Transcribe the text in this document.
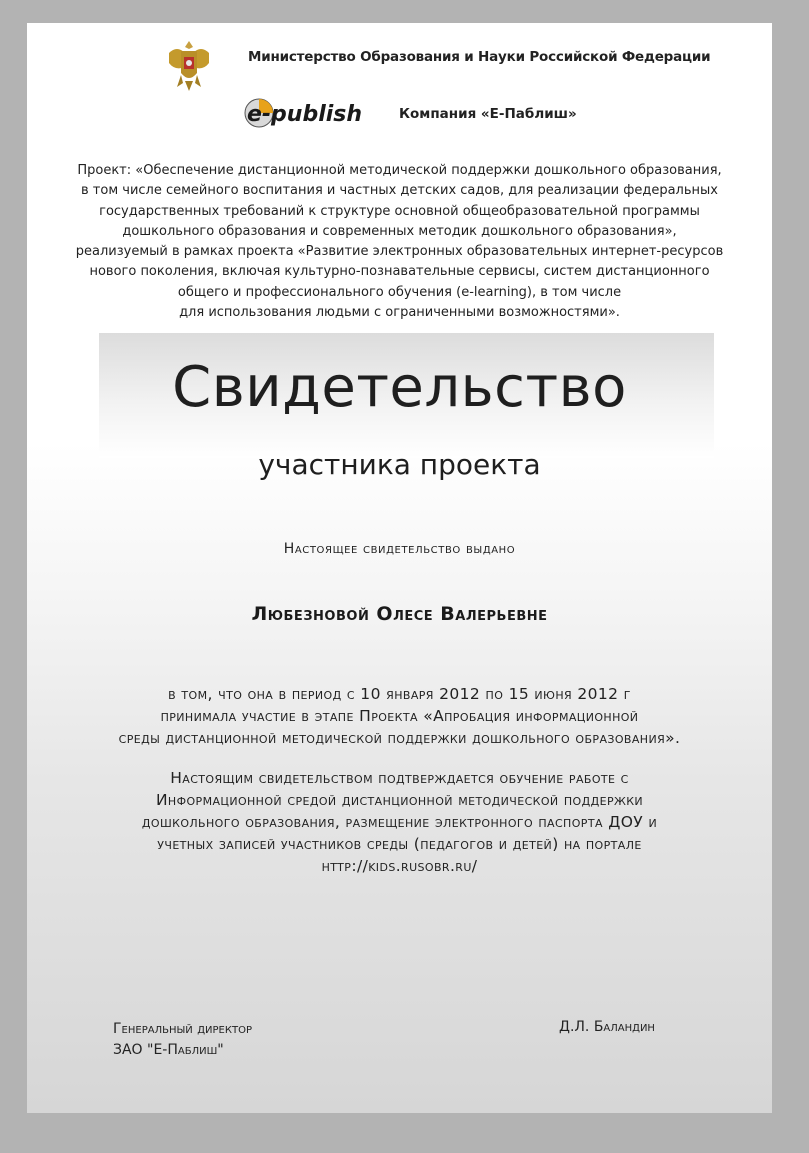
Министерство Образования и Науки Российской Федерации
e-publish	Компания «Е-Паблиш»
Проект: «Обеспечение дистанционной методической поддержки дошкольного образования,
в том числе семейного воспитания и частных детских садов, для реализации федеральных
государственных требований к структуре основной общеобразовательной программы
дошкольного образования и современных методик дошкольного образования»,
реализуемый в рамках проекта «Развитие электронных образовательных интернет-ресурсов
нового поколения, включая культурно-познавательные сервисы, систем дистанционного
общего и профессионального обучения (e-learning), в том числе
для использования людьми с ограниченными возможностями».
Свидетельство
участника проекта
Настоящее свидетельство выдано
Любезновой Олесе Валерьевне
в том, что она в период с 10 января 2012 по 15 июня 2012 г
принимала участие в этапе Проекта «Апробация информационной
среды дистанционной методической поддержки дошкольного образования».
Настоящим свидетельством подтверждается обучение работе с
Информационной средой дистанционной методической поддержки
дошкольного образования, размещение электронного паспорта ДОУ и
учетных записей участников среды (педагогов и детей) на портале
http://kids.rusobr.ru/
Генеральный директор
ЗАО "Е-Паблиш"
Д.Л. Баландин
